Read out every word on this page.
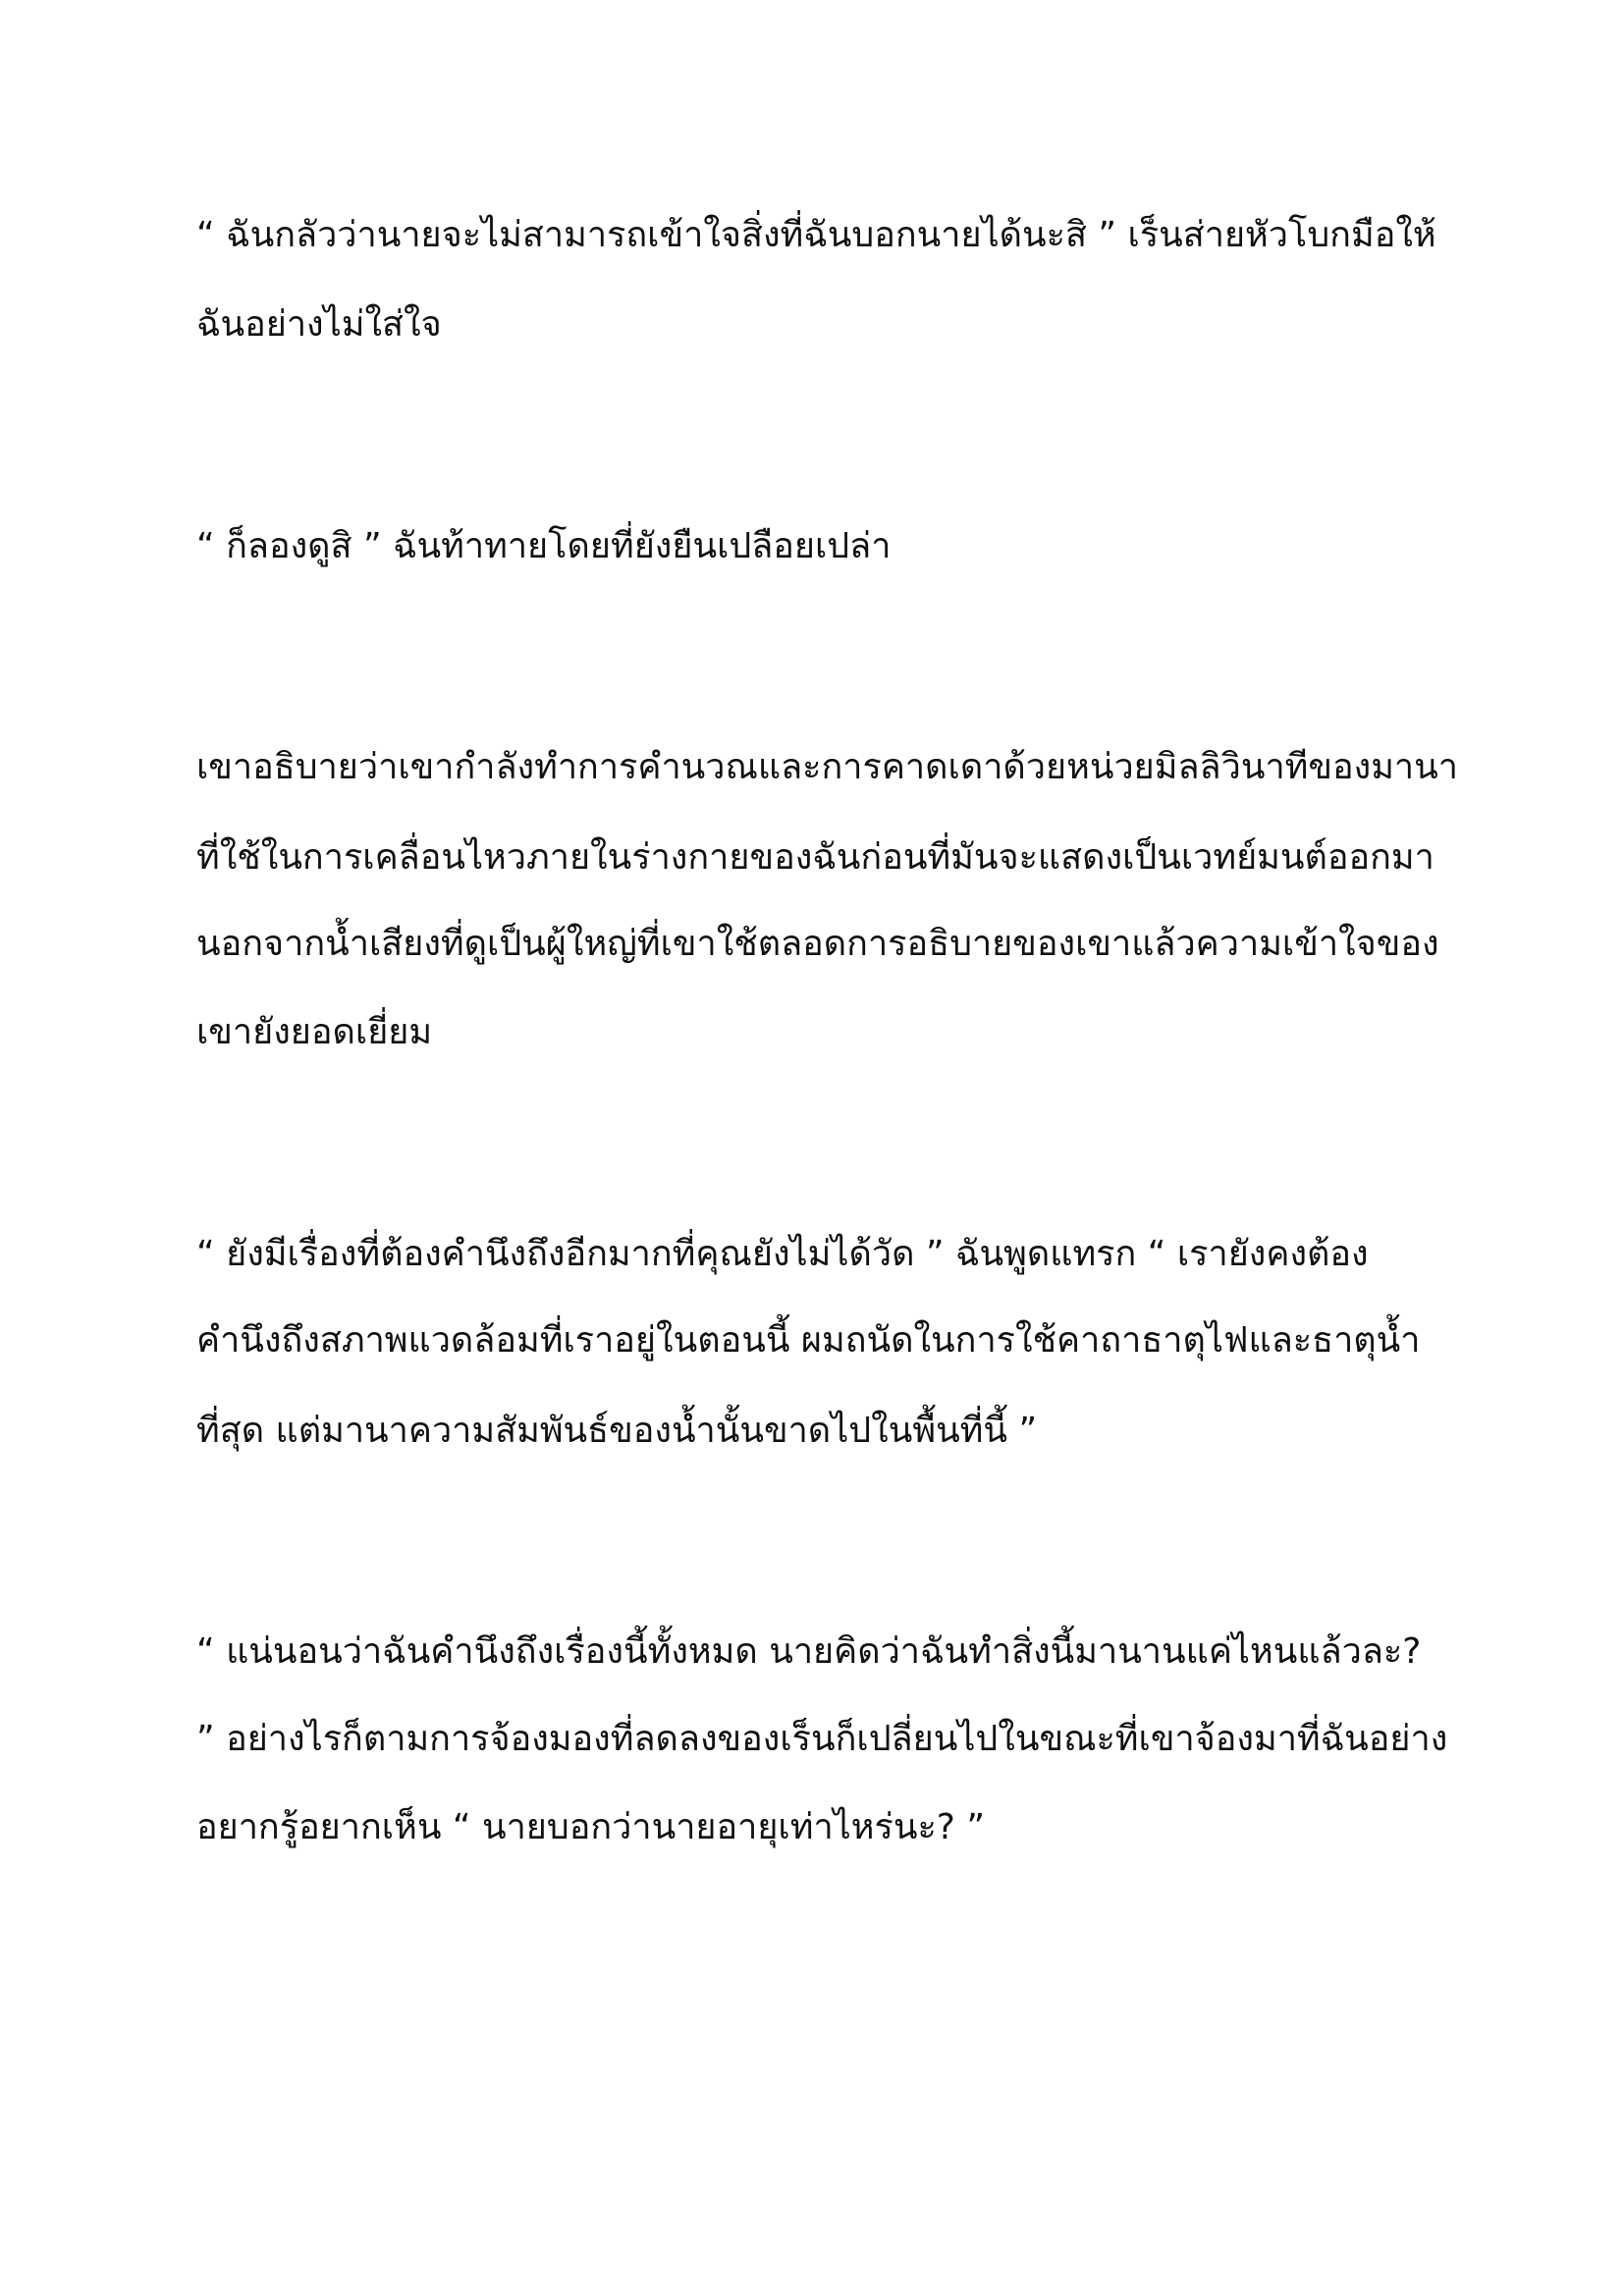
“ ฉันกลัวว่านายจะไม่สามารถเข้าใจสิ่งที่ฉันบอกนายได้นะสิ ” เร็นส่ายหัวโบกมือให้
ฉันอย่างไม่ใส่ใจ
“ ก็ลองดูสิ ” ฉันท้าทายโดยที่ยังยืนเปลือยเปล่า
เขาอธิบายว่าเขากำลังทำการคำนวณและการคาดเดาด้วยหน่วยมิลลิวินาทีของมานา
ที่ใช้ในการเคลื่อนไหวภายในร่างกายของฉันก่อนที่มันจะแสดงเป็นเวทย์มนต์ออกมา
นอกจากน้ำเสียงที่ดูเป็นผู้ใหญ่ที่เขาใช้ตลอดการอธิบายของเขาแล้วความเข้าใจของ
เขายังยอดเยี่ยม
“ ยังมีเรื่องที่ต้องคำนึงถึงอีกมากที่คุณยังไม่ได้วัด ” ฉันพูดแทรก “ เรายังคงต้อง
คำนึงถึงสภาพแวดล้อมที่เราอยู่ในตอนนี้ ผมถนัดในการใช้คาถาธาตุไฟและธาตุน้ำ
ที่สุด แต่มานาความสัมพันธ์ของน้ำนั้นขาดไปในพื้นที่นี้ ”
“ แน่นอนว่าฉันคำนึงถึงเรื่องนี้ทั้งหมด นายคิดว่าฉันทำสิ่งนี้มานานแค่ไหนแล้วละ?
” อย่างไรก็ตามการจ้องมองที่ลดลงของเร็นก็เปลี่ยนไปในขณะที่เขาจ้องมาที่ฉันอย่าง
อยากรู้อยากเห็น “ นายบอกว่านายอายุเท่าไหร่นะ? ”
